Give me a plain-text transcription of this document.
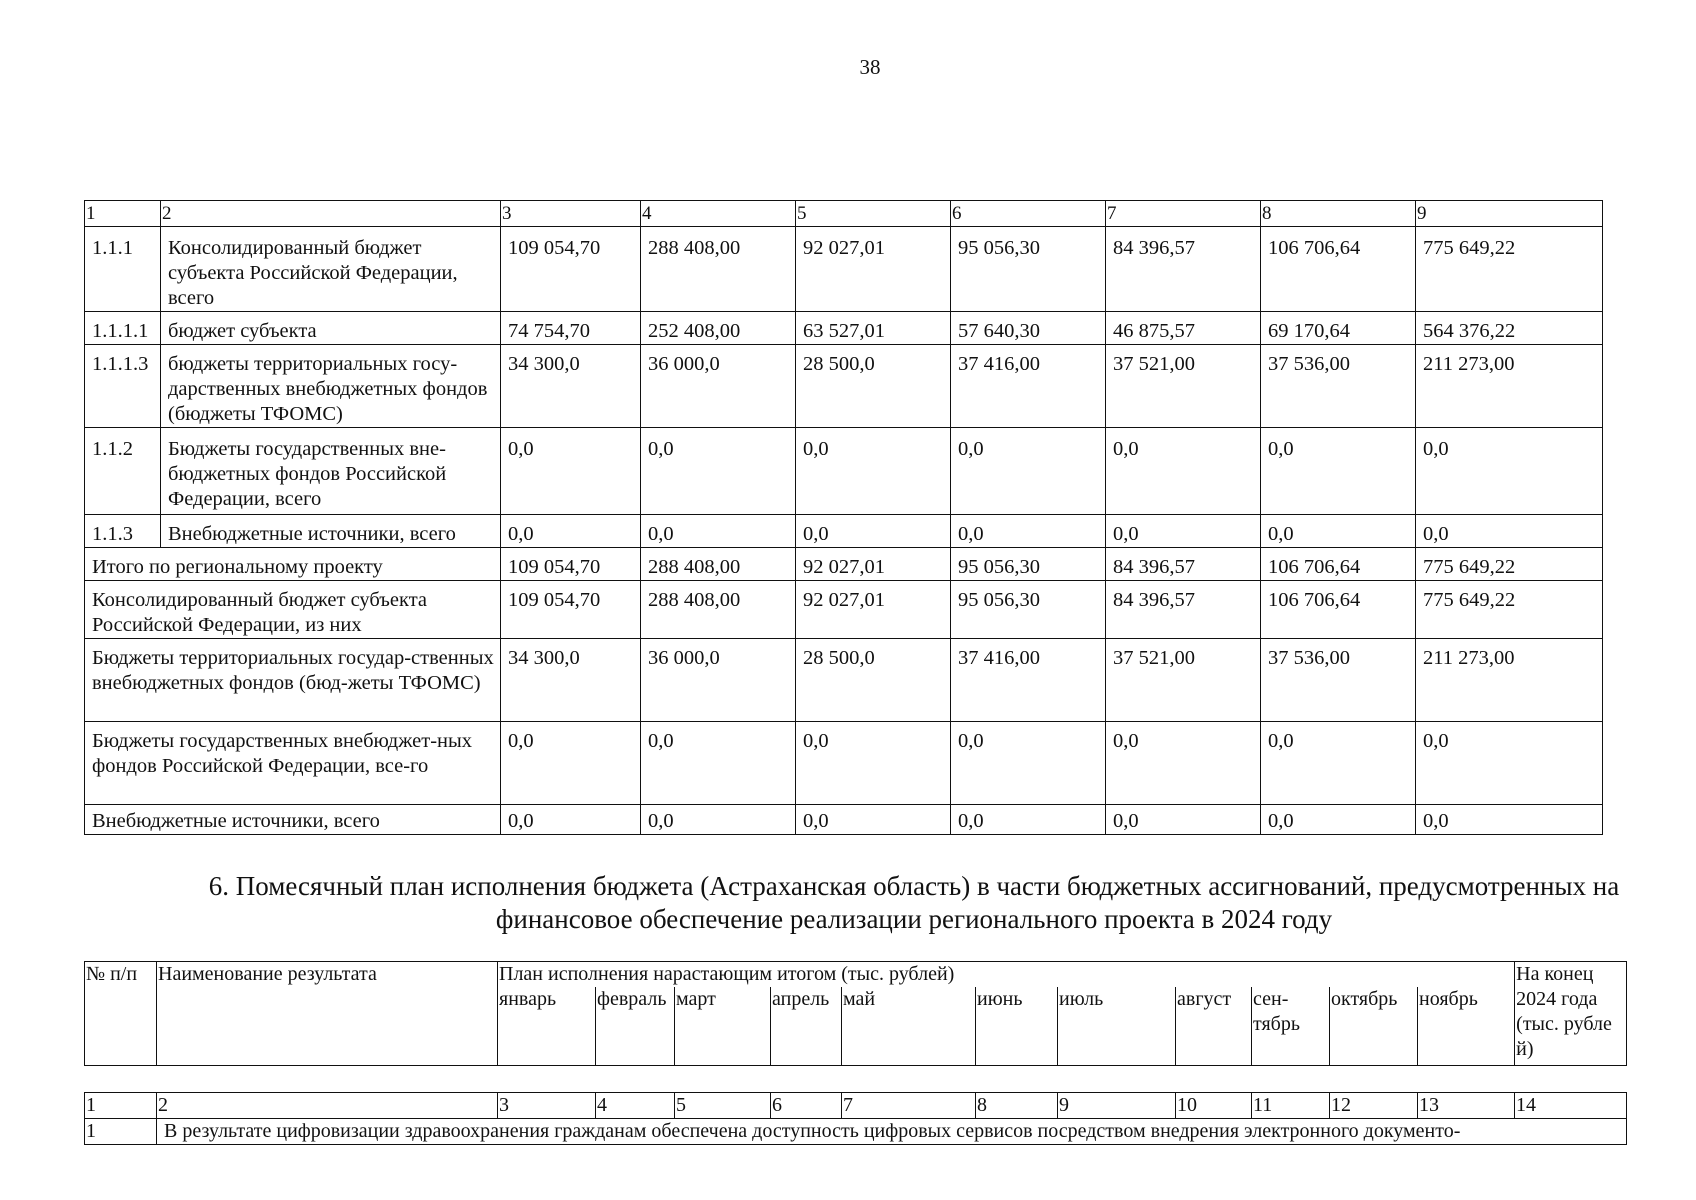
38
1	2	3	4	5	6	7	8	9
1.1.1	Консолидированный бюджет субъекта Российской Федерации, всего	109 054,70	288 408,00	92 027,01	95 056,30	84 396,57	106 706,64	775 649,22
1.1.1.1	бюджет субъекта	74 754,70	252 408,00	63 527,01	57 640,30	46 875,57	69 170,64	564 376,22
1.1.1.3	бюджеты территориальных госу-дарственных внебюджетных фондов (бюджеты ТФОМС)	34 300,0	36 000,0	28 500,0	37 416,00	37 521,00	37 536,00	211 273,00
1.1.2	Бюджеты государственных вне-бюджетных фондов Российской Федерации, всего	0,0	0,0	0,0	0,0	0,0	0,0	0,0
1.1.3	Внебюджетные источники, всего	0,0	0,0	0,0	0,0	0,0	0,0	0,0
Итого по региональному проекту		109 054,70	288 408,00	92 027,01	95 056,30	84 396,57	106 706,64	775 649,22
Консолидированный бюджет субъекта Российской Федерации, из них		109 054,70	288 408,00	92 027,01	95 056,30	84 396,57	106 706,64	775 649,22
Бюджеты территориальных государ-ственных внебюджетных фондов (бюд-жеты ТФОМС)		34 300,0	36 000,0	28 500,0	37 416,00	37 521,00	37 536,00	211 273,00
Бюджеты государственных внебюджет-ных фондов Российской Федерации, все-го		0,0	0,0	0,0	0,0	0,0	0,0	0,0
Внебюджетные источники, всего		0,0	0,0	0,0	0,0	0,0	0,0	0,0
6. Помесячный план исполнения бюджета (Астраханская область) в части бюджетных ассигнований, предусмотренных на
финансовое обеспечение реализации регионального проекта в 2024 году
№ п/п	Наименование результата	План исполнения нарастающим итогом (тыс. рублей)											На конец 2024 года (тыс. рубле й)
		январь	февраль	март	апрель	май	июнь	июль	август	сен-тябрь	октябрь	ноябрь	
1	2	3	4	5	6	7	8	9	10	11	12	13	14
1	В результате цифровизации здравоохранения гражданам обеспечена доступность цифровых сервисов посредством внедрения электронного документо-												
